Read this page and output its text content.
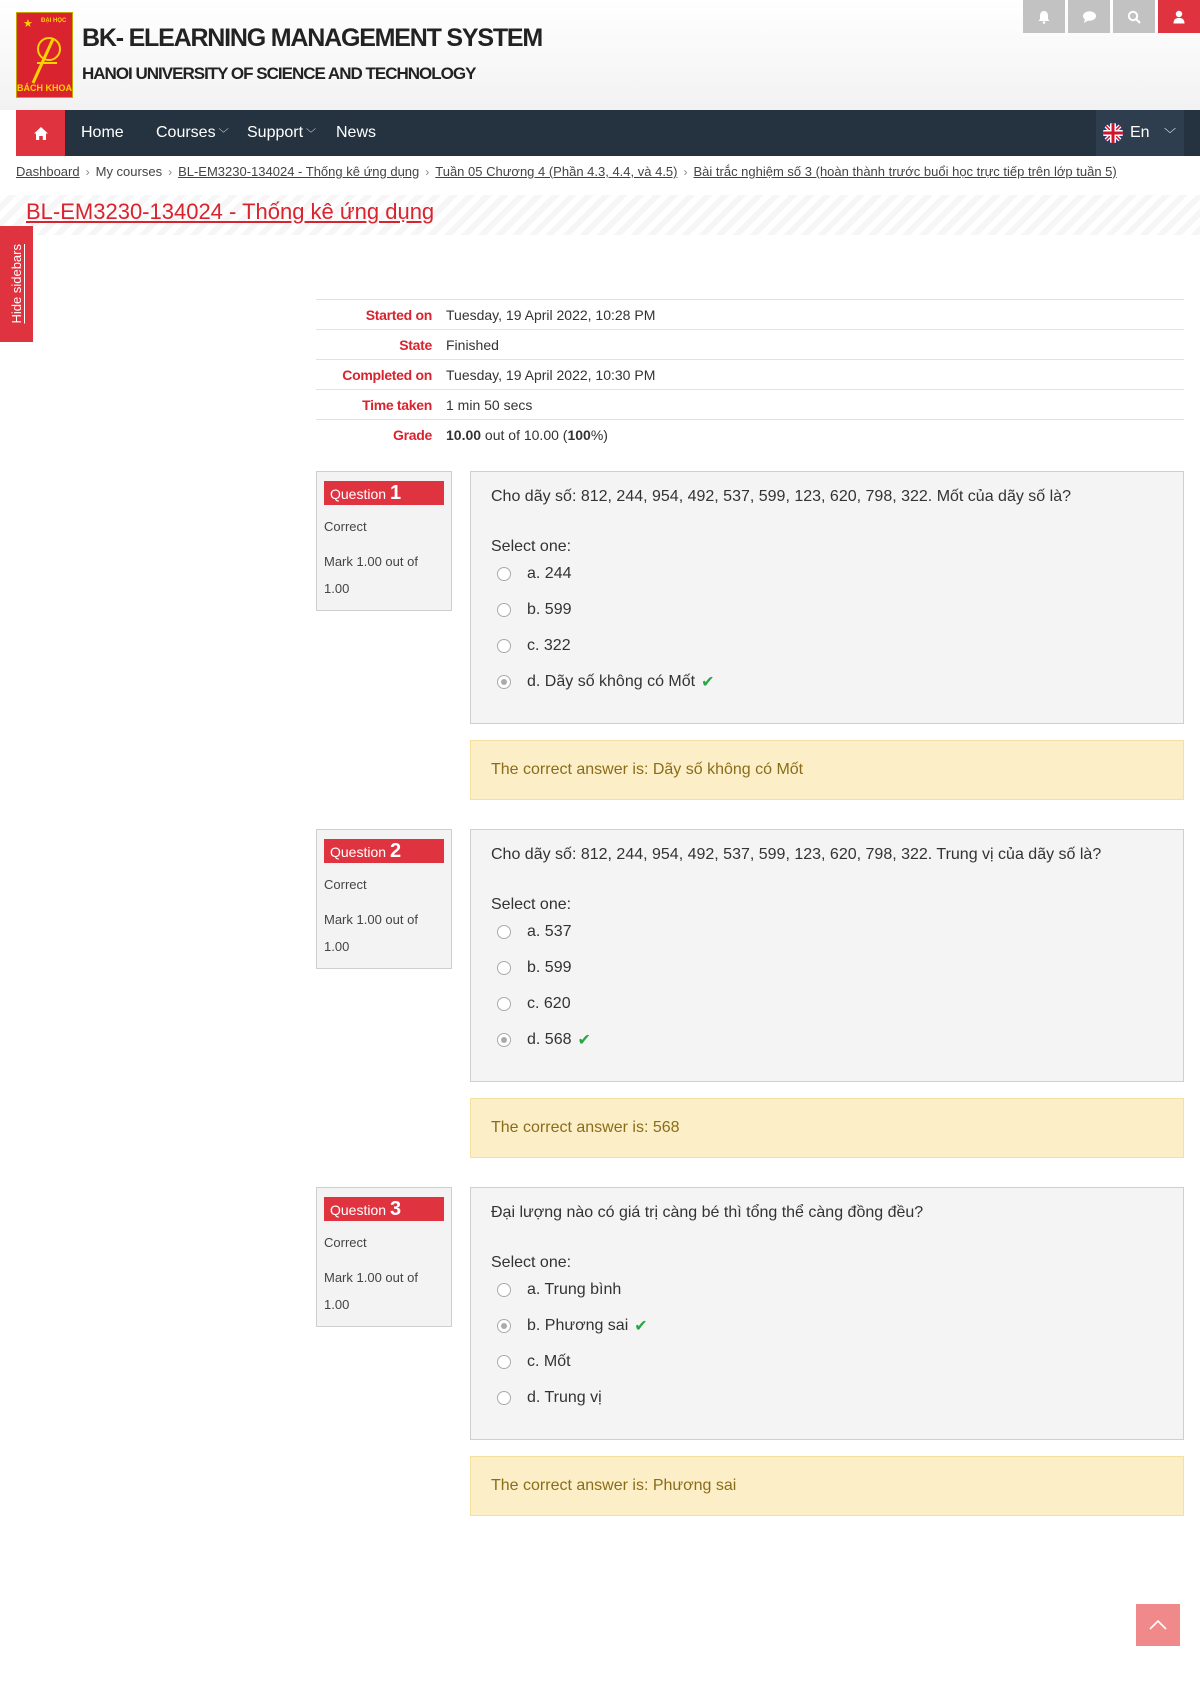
★ ĐẠI HỌC
BÁCH KHOA
BK- ELEARNING MANAGEMENT SYSTEM
HANOI UNIVERSITY OF SCIENCE AND TECHNOLOGY
Home Courses ﹀ Support ﹀ News	En ﹀
Dashboard › My courses › BL-EM3230-134024 - Thống kê ứng dụng › Tuần 05 Chương 4 (Phần 4.3, 4.4, và 4.5) › Bài trắc nghiệm số 3 (hoàn thành trước buổi học trực tiếp trên lớp tuần 5)
BL-EM3230-134024 - Thống kê ứng dụng
Hide sidebars	Started on	Tuesday, 19 April 2022, 10:28 PM
State	Finished
Completed on	Tuesday, 19 April 2022, 10:30 PM
Time taken	1 min 50 secs
Grade	10.00 out of 10.00 (100%)
Question 1
Correct
Mark 1.00 out of 1.00
Cho dãy số: 812, 244, 954, 492, 537, 599, 123, 620, 798, 322. Mốt của dãy số là?
Select one:
a. 244
b. 599
c. 322
d. Dãy số không có Mốt ✔
The correct answer is: Dãy số không có Mốt
Question 2
Correct
Mark 1.00 out of 1.00
Cho dãy số: 812, 244, 954, 492, 537, 599, 123, 620, 798, 322. Trung vị của dãy số là?
Select one:
a. 537
b. 599
c. 620
d. 568 ✔
The correct answer is: 568
Question 3
Correct
Mark 1.00 out of 1.00
Đại lượng nào có giá trị càng bé thì tổng thể càng đồng đều?
Select one:
a. Trung bình
b. Phương sai ✔
c. Mốt
d. Trung vị
The correct answer is: Phương sai
